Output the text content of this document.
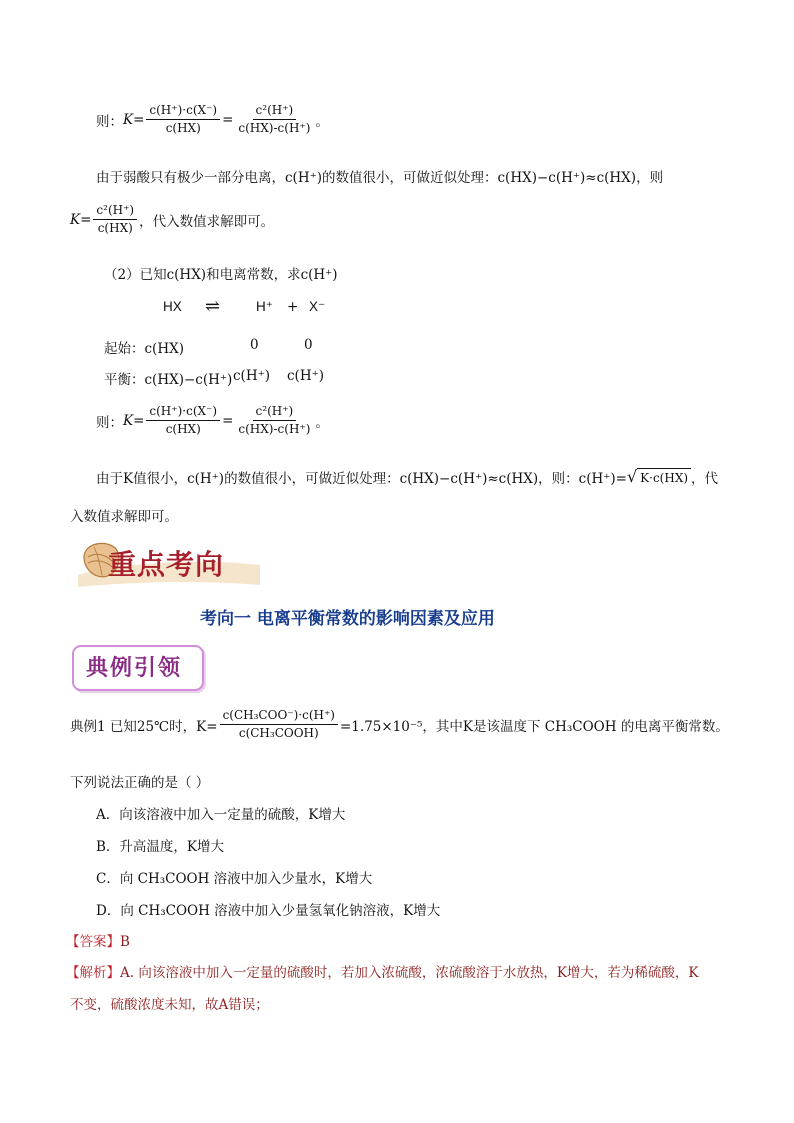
则： $K = \frac{c(H^+)\cdot c(X^-)}{c(HX)} = \frac{\text{c²(H⁺)}}{c(HX)-c(H^+)}$ 。
由于弱酸只有极少一部分电离，c(H⁺)的数值很小，可做近似处理：c(HX)−c(H⁺)≈c(HX)，则
$K = \frac{\text{c²(H⁺)}}{c(HX)}$ ，代入数值求解即可。
（2）已知c(HX)和电离常数，求c(H⁺)
HX ⇌	H⁺ + X⁻
起始：c(HX)	0	0
平衡：c(HX)−c(H⁺) c(H⁺) c(H⁺)
则： $K = \frac{c(H^+)\cdot c(X^-)}{c(HX)} = \frac{\text{c²(H⁺)}}{c(HX)-c(H^+)}$ 。
由于K值很小，c(H⁺)的数值很小，可做近似处理：c(HX)−c(H⁺)≈c(HX)，则：c(H⁺)= √ K·c(HX) ，代
入数值求解即可。
重点考向
考向一 电离平衡常数的影响因素及应用
典例引领
典例1 已知25℃时，$K= \frac{\text{c(CH₃COO⁻)·c(H⁺)}}{\text{c(CH₃COOH)}} =1.75\times 10^{-5}$，其中K是该温度下 CH₃COOH 的电离平衡常数。
下列说法正确的是（ ）
A．向该溶液中加入一定量的硫酸，K增大
B．升高温度，K增大
C．向 CH₃COOH 溶液中加入少量水，K增大
D．向 CH₃COOH 溶液中加入少量氢氧化钠溶液，K增大
【答案】B
【解析】A. 向该溶液中加入一定量的硫酸时，若加入浓硫酸，浓硫酸溶于水放热，K增大，若为稀硫酸，K
不变，硫酸浓度未知，故A错误；
